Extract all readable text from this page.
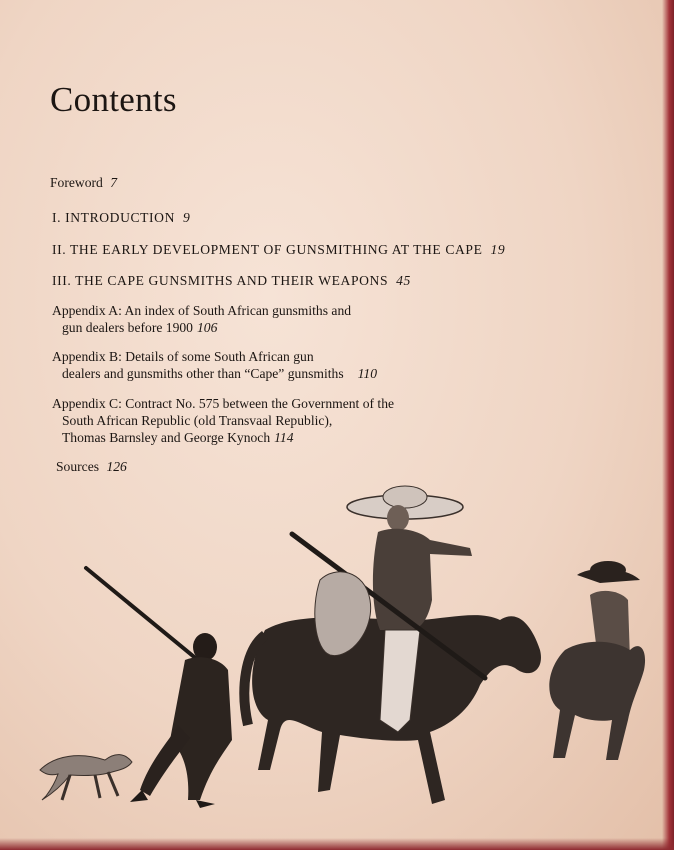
Contents
Foreword 7
I. INTRODUCTION 9
II. THE EARLY DEVELOPMENT OF GUNSMITHING AT THE CAPE 19
III. THE CAPE GUNSMITHS AND THEIR WEAPONS 45
Appendix A: An index of South African gunsmiths and
gun dealers before 1900 106
Appendix B: Details of some South African gun
dealers and gunsmiths other than “Cape” gunsmiths 110
Appendix C: Contract No. 575 between the Government of the
South African Republic (old Transvaal Republic),
Thomas Barnsley and George Kynoch 114
Sources 126
